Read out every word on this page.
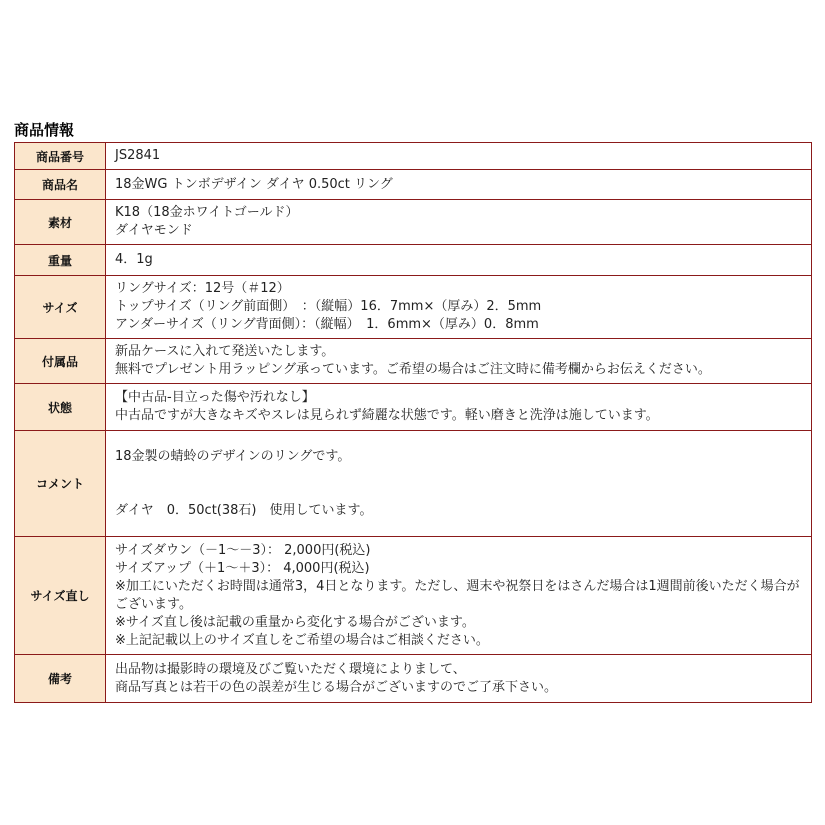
商品情報
商品番号	JS2841

商品名	18金WG トンボデザイン ダイヤ 0.50ct リング

素材	K18（18金ホワイトゴールド）
ダイヤモンド

重量	4．1g

サイズ	リングサイズ：12号（＃12）
トップサイズ（リング前面側）　：（縦幅）16．7mm×（厚み）2．5mm
アンダーサイズ（リング背面側）：（縦幅）　1．6mm×（厚み）0．8mm

付属品	新品ケースに入れて発送いたします。
無料でプレゼント用ラッピング承っています。ご希望の場合はご注文時に備考欄からお伝えください。

状態	【中古品-目立った傷や汚れなし】
中古品ですが大きなキズやスレは見られず綺麗な状態です。軽い磨きと洗浄は施しています。

コメント	18金製の蜻蛉のデザインのリングです。
ダイヤ　0．50ct(38石)　使用しています。

サイズ直し	サイズダウン（－1～－3）： 2,000円(税込)
サイズアップ（＋1～＋3）： 4,000円(税込)
※加工にいただくお時間は通常3，4日となります。ただし、週末や祝祭日をはさんだ場合は1週間前後いただく場合がございます。
※サイズ直し後は記載の重量から変化する場合がございます。
※上記記載以上のサイズ直しをご希望の場合はご相談ください。

備考	出品物は撮影時の環境及びご覧いただく環境によりまして、
商品写真とは若干の色の誤差が生じる場合がございますのでご了承下さい。
